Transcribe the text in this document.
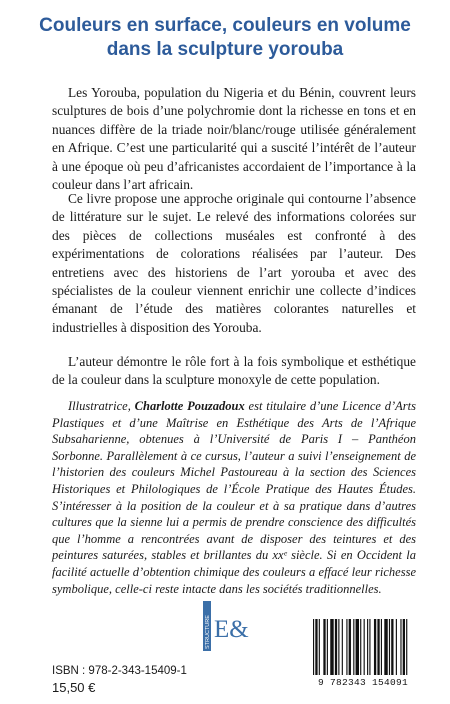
Couleurs en surface, couleurs en volume
dans la sculpture yorouba

Les Yorouba, population du Nigeria et du Bénin, couvrent leurs sculptures de bois d’une polychromie dont la richesse en tons et en nuances diffère de la triade noir/blanc/rouge utilisée généralement en Afrique. C’est une particularité qui a suscité l’intérêt de l’auteur à une époque où peu d’africanistes accordaient de l’importance à la couleur dans l’art africain.

Ce livre propose une approche originale qui contourne l’absence de littérature sur le sujet. Le relevé des informations colorées sur des pièces de collections muséales est confronté à des expérimentations de colorations réalisées par l’auteur. Des entretiens avec des historiens de l’art yorouba et avec des spécialistes de la couleur viennent enrichir une collecte d’indices émanant de l’étude des matières colorantes naturelles et industrielles à disposition des Yorouba.

L’auteur démontre le rôle fort à la fois symbolique et esthétique de la couleur dans la sculpture monoxyle de cette population.

Illustratrice, Charlotte Pouzadoux est titulaire d’une Licence d’Arts Plastiques et d’une Maîtrise en Esthétique des Arts de l’Afrique Subsaharienne, obtenues à l’Université de Paris I – Panthéon Sorbonne. Parallèlement à ce cursus, l’auteur a suivi l’enseignement de l’historien des couleurs Michel Pastoureau à la section des Sciences Historiques et Philologiques de l’École Pratique des Hautes Études. S’intéresser à la position de la couleur et à sa pratique dans d’autres cultures que la sienne lui a permis de prendre conscience des difficultés que l’homme a rencontrées avant de disposer des teintures et des peintures saturées, stables et brillantes du xxᵉ siècle. Si en Occident la facilité actuelle d’obtention chimique des couleurs a effacé leur richesse symbolique, celle-ci reste intacte dans les sociétés traditionnelles.

STRUCTURE E&
ISBN : 978-2-343-15409-1
15,50 €	9 782343 154091
